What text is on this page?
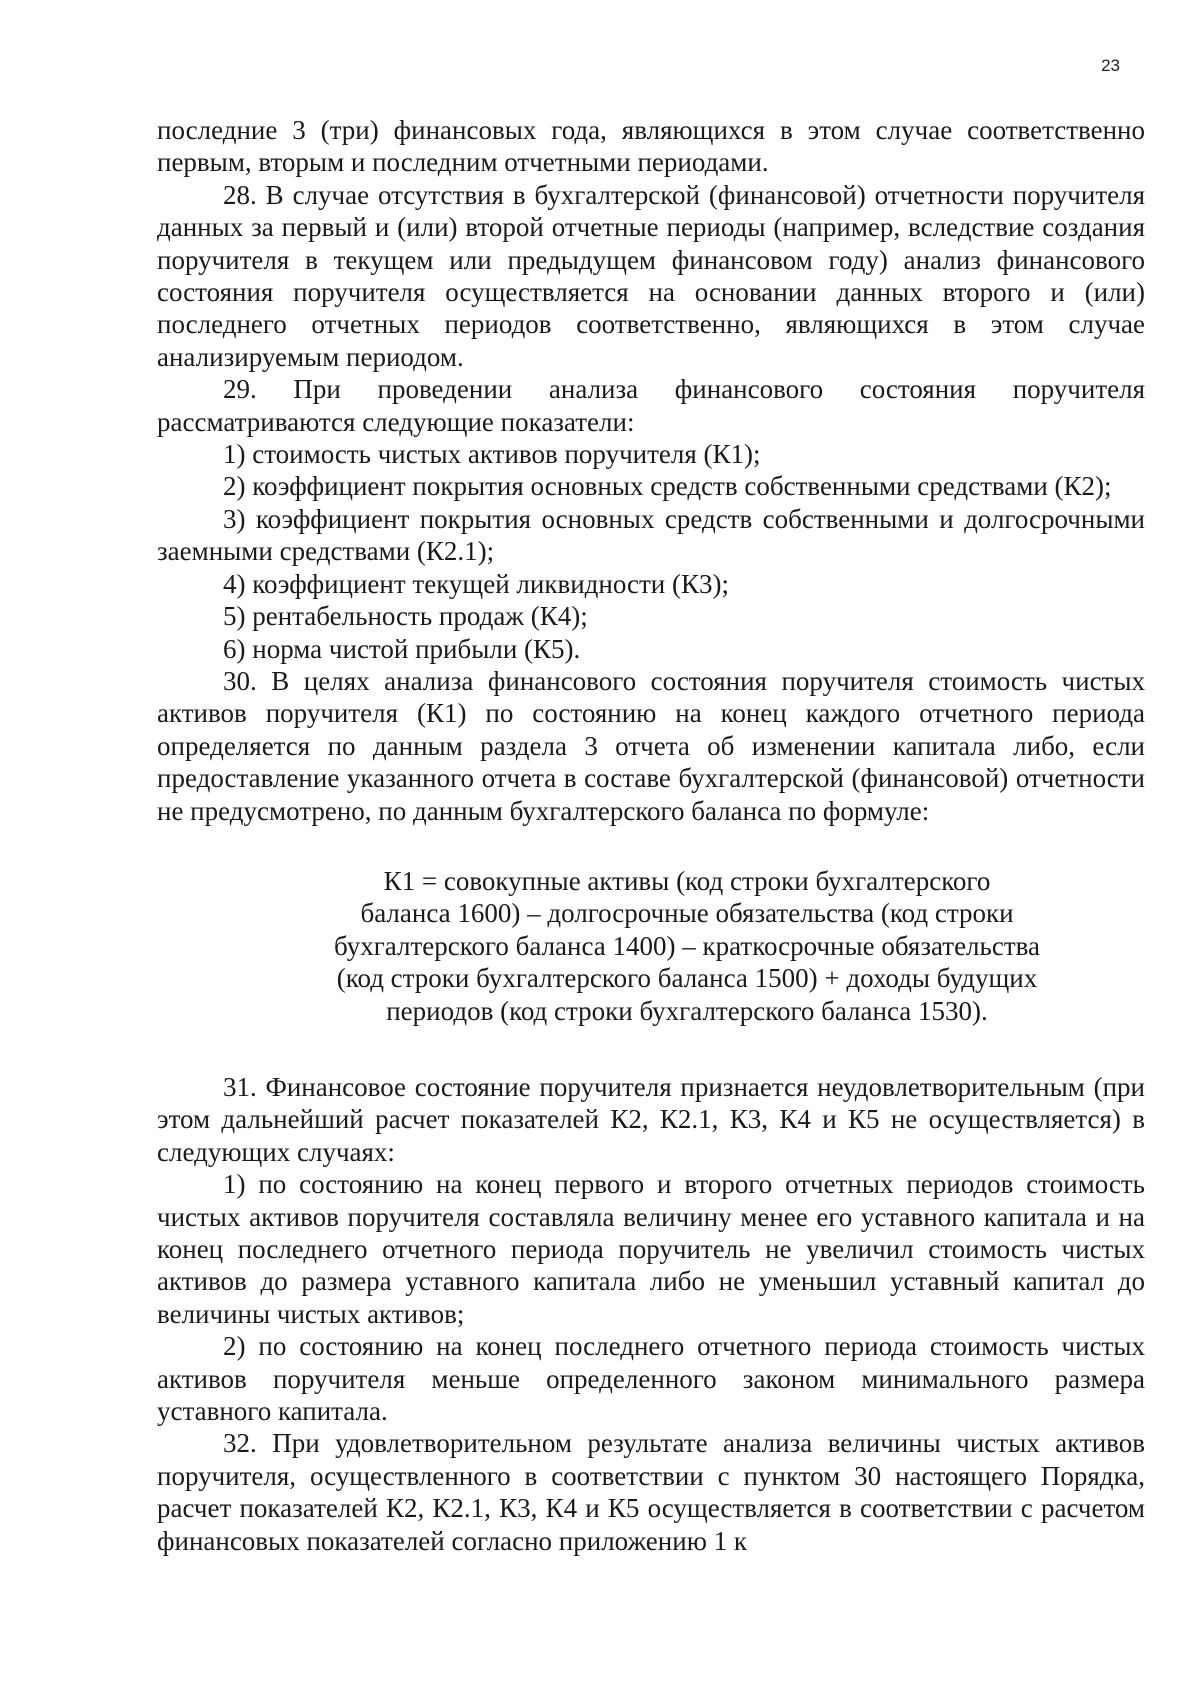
23

последние 3 (три) финансовых года, являющихся в этом случае соответственно первым, вторым и последним отчетными периодами.

28. В случае отсутствия в бухгалтерской (финансовой) отчетности поручителя данных за первый и (или) второй отчетные периоды (например, вследствие создания поручителя в текущем или предыдущем финансовом году) анализ финансового состояния поручителя осуществляется на основании данных второго и (или) последнего отчетных периодов соответственно, являющихся в этом случае анализируемым периодом.

29. При проведении анализа финансового состояния поручителя рассматриваются следующие показатели:

1) стоимость чистых активов поручителя (К1);

2) коэффициент покрытия основных средств собственными средствами (К2);

3) коэффициент покрытия основных средств собственными и долгосрочными заемными средствами (К2.1);

4) коэффициент текущей ликвидности (К3);

5) рентабельность продаж (К4);

6) норма чистой прибыли (К5).

30. В целях анализа финансового состояния поручителя стоимость чистых активов поручителя (К1) по состоянию на конец каждого отчетного периода определяется по данным раздела 3 отчета об изменении капитала либо, если предоставление указанного отчета в составе бухгалтерской (финансовой) отчетности не предусмотрено, по данным бухгалтерского баланса по формуле:

К1 = совокупные активы (код строки бухгалтерского
баланса 1600) – долгосрочные обязательства (код строки
бухгалтерского баланса 1400) – краткосрочные обязательства
(код строки бухгалтерского баланса 1500) + доходы будущих
периодов (код строки бухгалтерского баланса 1530).

31. Финансовое состояние поручителя признается неудовлетворительным (при этом дальнейший расчет показателей К2, К2.1, К3, К4 и К5 не осуществляется) в следующих случаях:

1) по состоянию на конец первого и второго отчетных периодов стоимость чистых активов поручителя составляла величину менее его уставного капитала и на конец последнего отчетного периода поручитель не увеличил стоимость чистых активов до размера уставного капитала либо не уменьшил уставный капитал до величины чистых активов;

2) по состоянию на конец последнего отчетного периода стоимость чистых активов поручителя меньше определенного законом минимального размера уставного капитала.

32. При удовлетворительном результате анализа величины чистых активов поручителя, осуществленного в соответствии с пунктом 30 настоящего Порядка, расчет показателей К2, К2.1, К3, К4 и К5 осуществляется в соответствии с расчетом финансовых показателей согласно приложению 1 к
